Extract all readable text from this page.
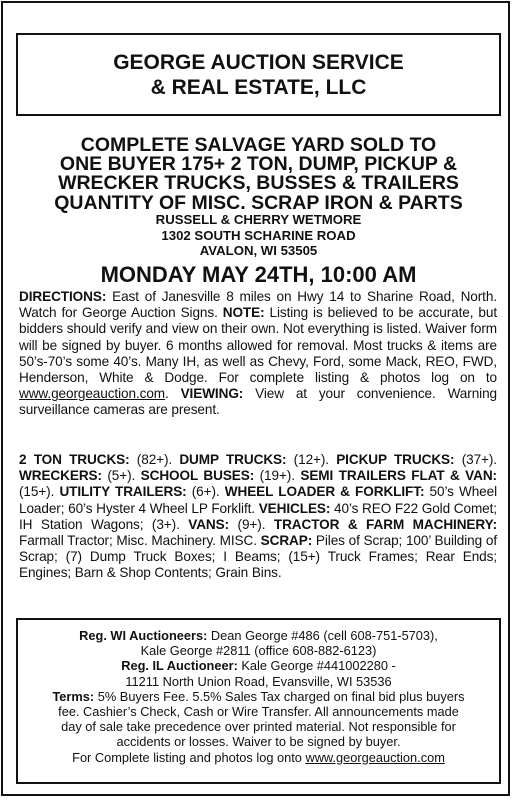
GEORGE AUCTION SERVICE
& REAL ESTATE, LLC
COMPLETE SALVAGE YARD SOLD TO
ONE BUYER 175+ 2 TON, DUMP, PICKUP &
WRECKER TRUCKS, BUSSES & TRAILERS
QUANTITY OF MISC. SCRAP IRON & PARTS
RUSSELL & CHERRY WETMORE
1302 SOUTH SCHARINE ROAD
AVALON, WI 53505
MONDAY MAY 24TH, 10:00 AM
DIRECTIONS: East of Janesville 8 miles on Hwy 14 to Sharine Road, North. Watch for George Auction Signs. NOTE: Listing is believed to be accurate, but bidders should verify and view on their own. Not everything is listed. Waiver form will be signed by buyer. 6 months allowed for removal. Most trucks & items are 50’s-70’s some 40’s. Many IH, as well as Chevy, Ford, some Mack, REO, FWD, Henderson, White & Dodge. For complete listing & photos log on to www.georgeauction.com. VIEWING: View at your convenience. Warning surveillance cameras are present.
2 TON TRUCKS: (82+). DUMP TRUCKS: (12+). PICKUP TRUCKS: (37+). WRECKERS: (5+). SCHOOL BUSES: (19+). SEMI TRAILERS FLAT & VAN: (15+). UTILITY TRAILERS: (6+). WHEEL LOADER & FORKLIFT: 50’s Wheel Loader; 60’s Hyster 4 Wheel LP Forklift. VEHICLES: 40’s REO F22 Gold Comet; IH Station Wagons; (3+). VANS: (9+). TRACTOR & FARM MACHINERY: Farmall Tractor; Misc. Machinery. MISC. SCRAP: Piles of Scrap; 100’ Building of Scrap; (7) Dump Truck Boxes; I Beams; (15+) Truck Frames; Rear Ends; Engines; Barn & Shop Contents; Grain Bins.
Reg. WI Auctioneers: Dean George #486 (cell 608-751-5703),
Kale George #2811 (office 608-882-6123)
Reg. IL Auctioneer: Kale George #441002280 -
11211 North Union Road, Evansville, WI 53536
Terms: 5% Buyers Fee. 5.5% Sales Tax charged on final bid plus buyers
fee. Cashier’s Check, Cash or Wire Transfer. All announcements made
day of sale take precedence over printed material. Not responsible for
accidents or losses. Waiver to be signed by buyer.
For Complete listing and photos log onto www.georgeauction.com
